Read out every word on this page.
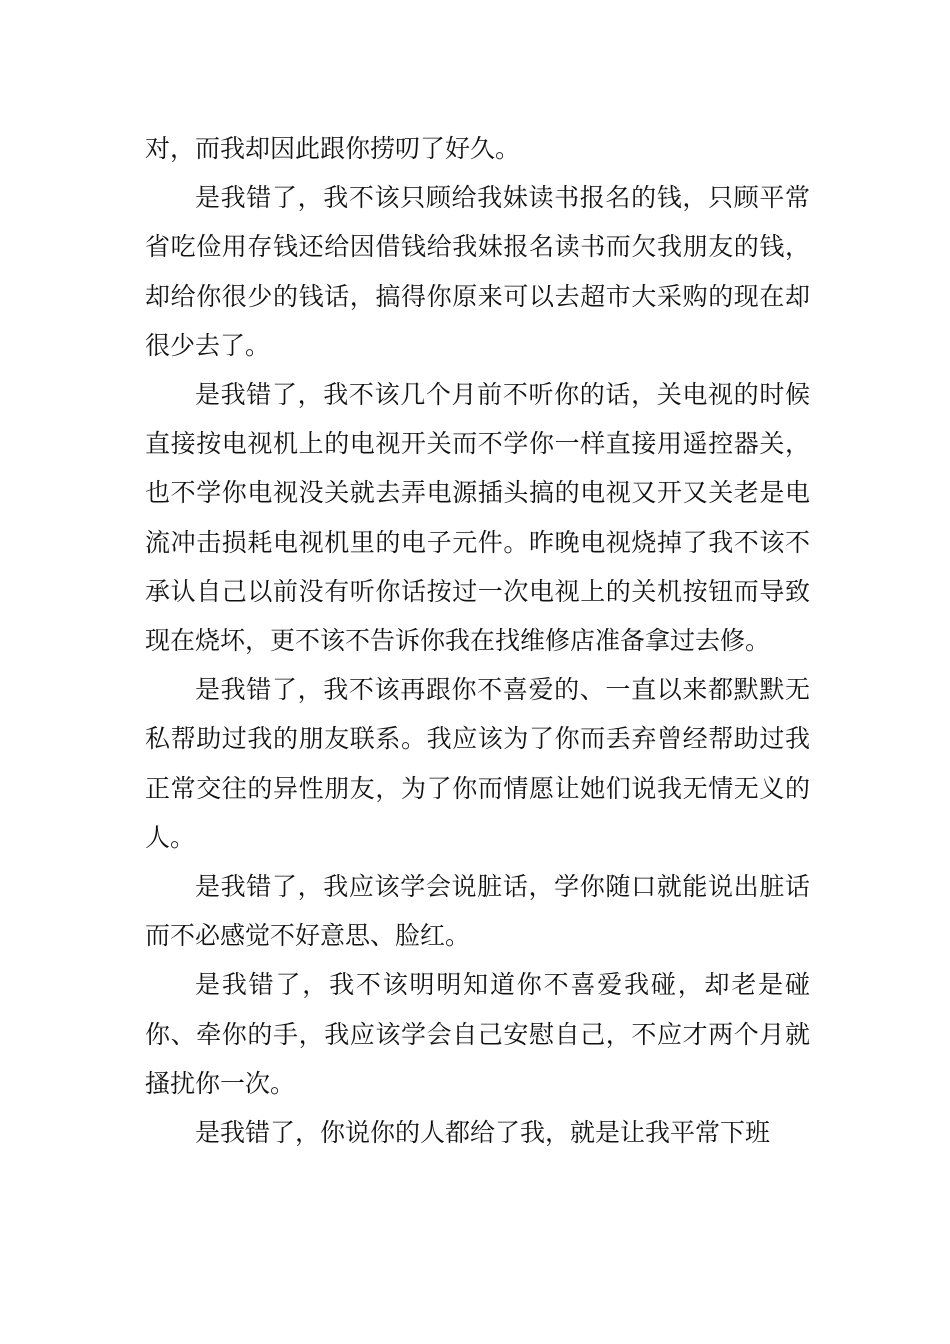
对，而我却因此跟你捞叨了好久。

是我错了，我不该只顾给我妹读书报名的钱，只顾平常省吃俭用存钱还给因借钱给我妹报名读书而欠我朋友的钱，却给你很少的钱话，搞得你原来可以去超市大采购的现在却很少去了。

是我错了，我不该几个月前不听你的话，关电视的时候直接按电视机上的电视开关而不学你一样直接用遥控器关，也不学你电视没关就去弄电源插头搞的电视又开又关老是电流冲击损耗电视机里的电子元件。昨晚电视烧掉了我不该不承认自己以前没有听你话按过一次电视上的关机按钮而导致现在烧坏，更不该不告诉你我在找维修店准备拿过去修。

是我错了，我不该再跟你不喜爱的、一直以来都默默无私帮助过我的朋友联系。我应该为了你而丢弃曾经帮助过我正常交往的异性朋友，为了你而情愿让她们说我无情无义的人。

是我错了，我应该学会说脏话，学你随口就能说出脏话而不必感觉不好意思、脸红。

是我错了，我不该明明知道你不喜爱我碰，却老是碰你、牵你的手，我应该学会自己安慰自己，不应才两个月就搔扰你一次。

是我错了，你说你的人都给了我，就是让我平常下班
